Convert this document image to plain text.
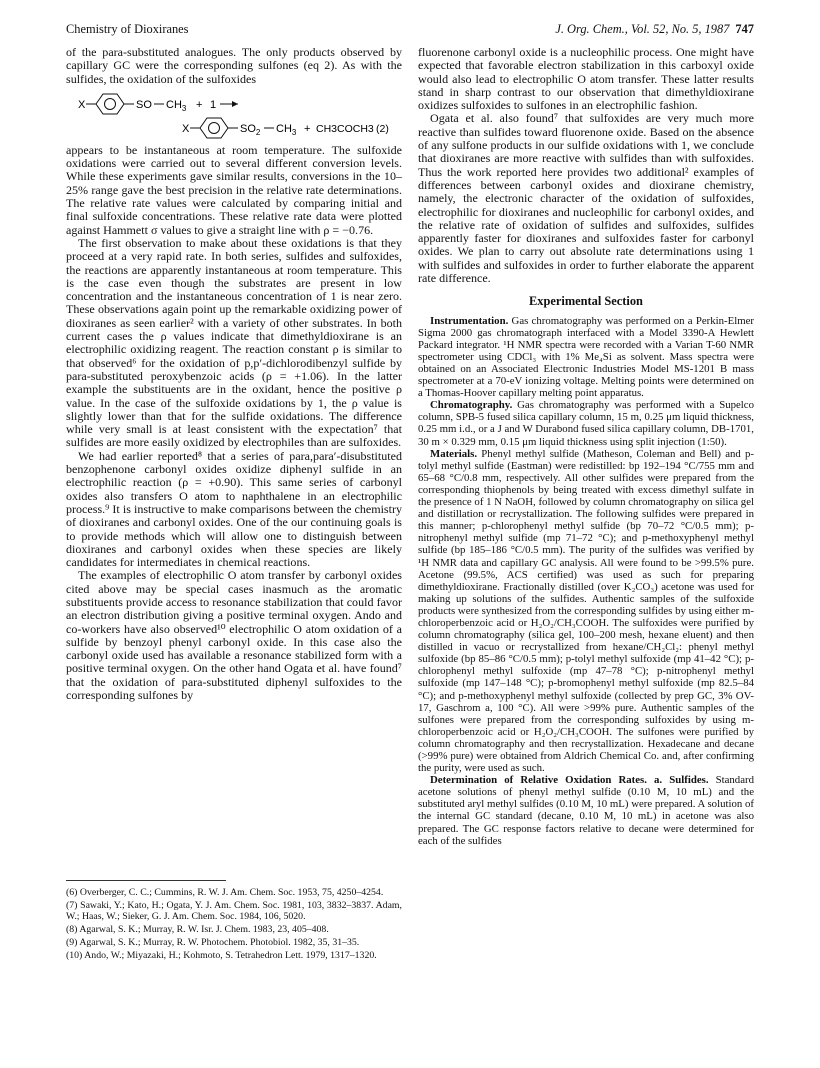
Chemistry of Dioxiranes	J. Org. Chem., Vol. 52, No. 5, 1987 747

of the para-substituted analogues. The only products observed by capillary GC were the corresponding sulfones (eq 2). As with the sulfides, the oxidation of the sulfoxides

X	SO $CH_3 + 1$
X	$SO_2$ $CH_3$ + CH3COCH3 (2)

appears to be instantaneous at room temperature. The sulfoxide oxidations were carried out to several different conversion levels. While these experiments gave similar results, conversions in the 10–25% range gave the best precision in the relative rate determinations. The relative rate values were calculated by comparing initial and final sulfoxide concentrations. These relative rate data were plotted against Hammett σ values to give a straight line with ρ = −0.76.

The first observation to make about these oxidations is that they proceed at a very rapid rate. In both series, sulfides and sulfoxides, the reactions are apparently instantaneous at room temperature. This is the case even though the substrates are present in low concentration and the instantaneous concentration of 1 is near zero. These observations again point up the remarkable oxidizing power of dioxiranes as seen earlier² with a variety of other substrates. In both current cases the ρ values indicate that dimethyldioxirane is an electrophilic oxidizing reagent. The reaction constant ρ is similar to that observed⁶ for the oxidation of p,p′-dichlorodibenzyl sulfide by para-substituted peroxybenzoic acids (ρ = +1.06). In the latter example the substituents are in the oxidant, hence the positive ρ value. In the case of the sulfoxide oxidations by 1, the ρ value is slightly lower than that for the sulfide oxidations. The difference while very small is at least consistent with the expectation⁷ that sulfides are more easily oxidized by electrophiles than are sulfoxides.

We had earlier reported⁸ that a series of para,para′-disubstituted benzophenone carbonyl oxides oxidize diphenyl sulfide in an electrophilic reaction (ρ = +0.90). This same series of carbonyl oxides also transfers O atom to naphthalene in an electrophilic process.⁹ It is instructive to make comparisons between the chemistry of dioxiranes and carbonyl oxides. One of the our continuing goals is to provide methods which will allow one to distinguish between dioxiranes and carbonyl oxides when these species are likely candidates for intermediates in chemical reactions.

The examples of electrophilic O atom transfer by carbonyl oxides cited above may be special cases inasmuch as the aromatic substituents provide access to resonance stabilization that could favor an electron distribution giving a positive terminal oxygen. Ando and co-workers have also observed¹⁰ electrophilic O atom oxidation of a sulfide by benzoyl phenyl carbonyl oxide. In this case also the carbonyl oxide used has available a resonance stabilized form with a positive terminal oxygen. On the other hand Ogata et al. have found⁷ that the oxidation of para-substituted diphenyl sulfoxides to the corresponding sulfones by

(6) Overberger, C. C.; Cummins, R. W. J. Am. Chem. Soc. 1953, 75, 4250–4254.

(7) Sawaki, Y.; Kato, H.; Ogata, Y. J. Am. Chem. Soc. 1981, 103, 3832–3837. Adam, W.; Haas, W.; Sieker, G. J. Am. Chem. Soc. 1984, 106, 5020.

(8) Agarwal, S. K.; Murray, R. W. Isr. J. Chem. 1983, 23, 405–408.

(9) Agarwal, S. K.; Murray, R. W. Photochem. Photobiol. 1982, 35, 31–35.

(10) Ando, W.; Miyazaki, H.; Kohmoto, S. Tetrahedron Lett. 1979, 1317–1320.

fluorenone carbonyl oxide is a nucleophilic process. One might have expected that favorable electron stabilization in this carboxyl oxide would also lead to electrophilic O atom transfer. These latter results stand in sharp contrast to our observation that dimethyldioxirane oxidizes sulfoxides to sulfones in an electrophilic fashion.

Ogata et al. also found⁷ that sulfoxides are very much more reactive than sulfides toward fluorenone oxide. Based on the absence of any sulfone products in our sulfide oxidations with 1, we conclude that dioxiranes are more reactive with sulfides than with sulfoxides. Thus the work reported here provides two additional² examples of differences between carbonyl oxides and dioxirane chemistry, namely, the electronic character of the oxidation of sulfoxides, electrophilic for dioxiranes and nucleophilic for carbonyl oxides, and the relative rate of oxidation of sulfides and sulfoxides, sulfides apparently faster for dioxiranes and sulfoxides faster for carbonyl oxides. We plan to carry out absolute rate determinations using 1 with sulfides and sulfoxides in order to further elaborate the apparent rate difference.

Experimental Section

Instrumentation. Gas chromatography was performed on a Perkin-Elmer Sigma 2000 gas chromatograph interfaced with a Model 3390-A Hewlett Packard integrator. ¹H NMR spectra were recorded with a Varian T-60 NMR spectrometer using CDCl₃ with 1% Me₄Si as solvent. Mass spectra were obtained on an Associated Electronic Industries Model MS-1201 B mass spectrometer at a 70-eV ionizing voltage. Melting points were determined on a Thomas-Hoover capillary melting point apparatus.

Chromatography. Gas chromatography was performed with a Supelco column, SPB-5 fused silica capillary column, 15 m, 0.25 μm liquid thickness, 0.25 mm i.d., or a J and W Durabond fused silica capillary column, DB-1701, 30 m × 0.329 mm, 0.15 μm liquid thickness using split injection (1:50).

Materials. Phenyl methyl sulfide (Matheson, Coleman and Bell) and p-tolyl methyl sulfide (Eastman) were redistilled: bp 192–194 °C/755 mm and 65–68 °C/0.8 mm, respectively. All other sulfides were prepared from the corresponding thiophenols by being treated with excess dimethyl sulfate in the presence of 1 N NaOH, followed by column chromatography on silica gel and distillation or recrystallization. The following sulfides were prepared in this manner; p-chlorophenyl methyl sulfide (bp 70–72 °C/0.5 mm); p-nitrophenyl methyl sulfide (mp 71–72 °C); and p-methoxyphenyl methyl sulfide (bp 185–186 °C/0.5 mm). The purity of the sulfides was verified by ¹H NMR data and capillary GC analysis. All were found to be >99.5% pure. Acetone (99.5%, ACS certified) was used as such for preparing dimethyldioxirane. Fractionally distilled (over K₂CO₃) acetone was used for making up solutions of the sulfides. Authentic samples of the sulfoxide products were synthesized from the corresponding sulfides by using either m-chloroperbenzoic acid or H₂O₂/CH₃COOH. The sulfoxides were purified by column chromatography (silica gel, 100–200 mesh, hexane eluent) and then distilled in vacuo or recrystallized from hexane/CH₂Cl₂: phenyl methyl sulfoxide (bp 85–86 °C/0.5 mm); p-tolyl methyl sulfoxide (mp 41–42 °C); p-chlorophenyl methyl sulfoxide (mp 47–78 °C); p-nitrophenyl methyl sulfoxide (mp 147–148 °C); p-bromophenyl methyl sulfoxide (mp 82.5–84 °C); and p-methoxyphenyl methyl sulfoxide (collected by prep GC, 3% OV-17, Gaschrom a, 100 °C). All were >99% pure. Authentic samples of the sulfones were prepared from the corresponding sulfoxides by using m-chloroperbenzoic acid or H₂O₂/CH₃COOH. The sulfones were purified by column chromatography and then recrystallization. Hexadecane and decane (>99% pure) were obtained from Aldrich Chemical Co. and, after confirming the purity, were used as such.

Determination of Relative Oxidation Rates. a. Sulfides. Standard acetone solutions of phenyl methyl sulfide (0.10 M, 10 mL) and the substituted aryl methyl sulfides (0.10 M, 10 mL) were prepared. A solution of the internal GC standard (decane, 0.10 M, 10 mL) in acetone was also prepared. The GC response factors relative to decane were determined for each of the sulfides
